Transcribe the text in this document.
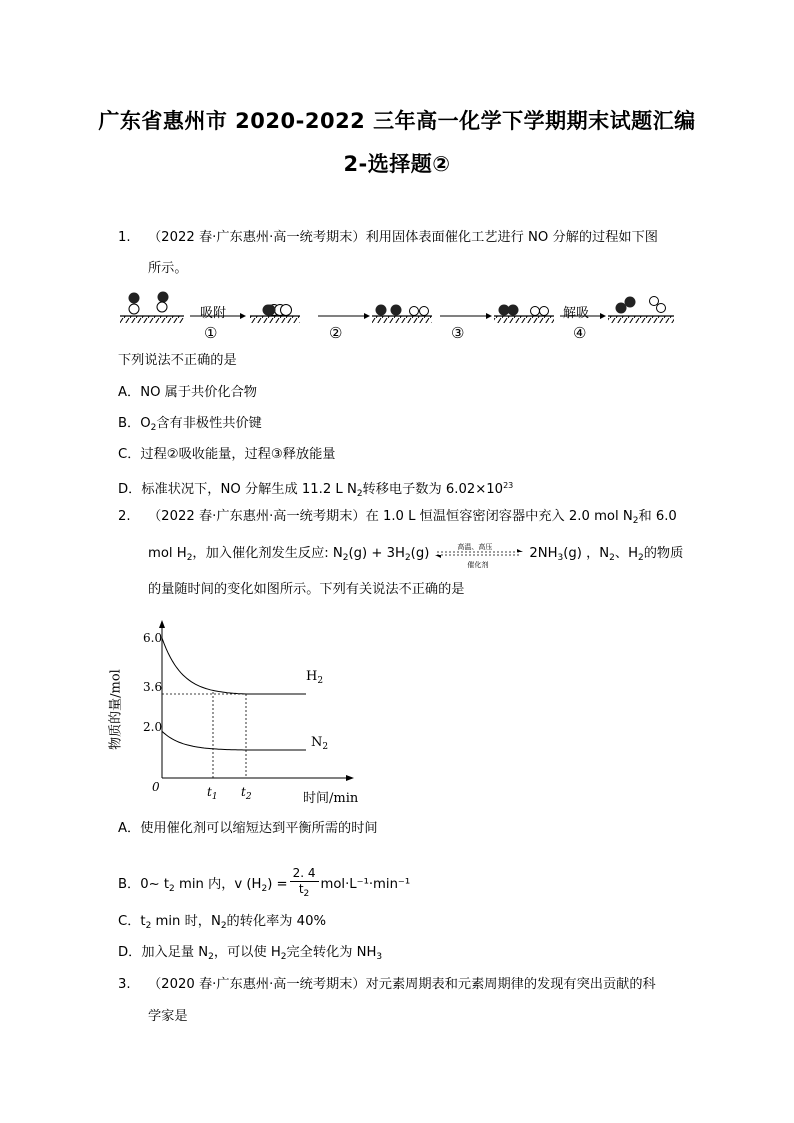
广东省惠州市 2020-2022 三年高一化学下学期期末试题汇编
2-选择题②
1. （2022 春·广东惠州·高一统考期末）利用固体表面催化工艺进行 NO 分解的过程如下图
所示。
吸附
①	②	③
解吸
④
下列说法不正确的是
A．NO 属于共价化合物
B．$O_2$含有非极性共价键
C．过程②吸收能量，过程③释放能量
D．标准状况下，NO 分解生成 11.2 L $N_2$转移电子数为 $6.02\times 10^{23}$
2. （2022 春·广东惠州·高一统考期末）在 1.0 L 恒温恒容密闭容器中充入 2.0 mol $N_2$和 6.0
mol $H_2$，加入催化剂发生反应: $N_2(g) + 3H_2(g)$	高温、高压
催化剂
$2NH_3(g)$ ，$N_2$、$H_2$的物质
的量随时间的变化如图所示。下列有关说法不正确的是
6.0
3.6
2.0
0	$t_1$ $t_2$	时间/min
物质的量/mol	$H_2$
$N_2$
A．使用催化剂可以缩短达到平衡所需的时间
B．0~ $t_2$ min 内，v $(H_2) = \frac{2. 4}{t_2} mol\cdot L^{-1}\cdot\min^{-1}$
C．$t_2$ min 时，$N_2$的转化率为 40%
D．加入足量 $N_2$，可以使 $H_2$完全转化为 $NH_3$
3. （2020 春·广东惠州·高一统考期末）对元素周期表和元素周期律的发现有突出贡献的科
学家是
